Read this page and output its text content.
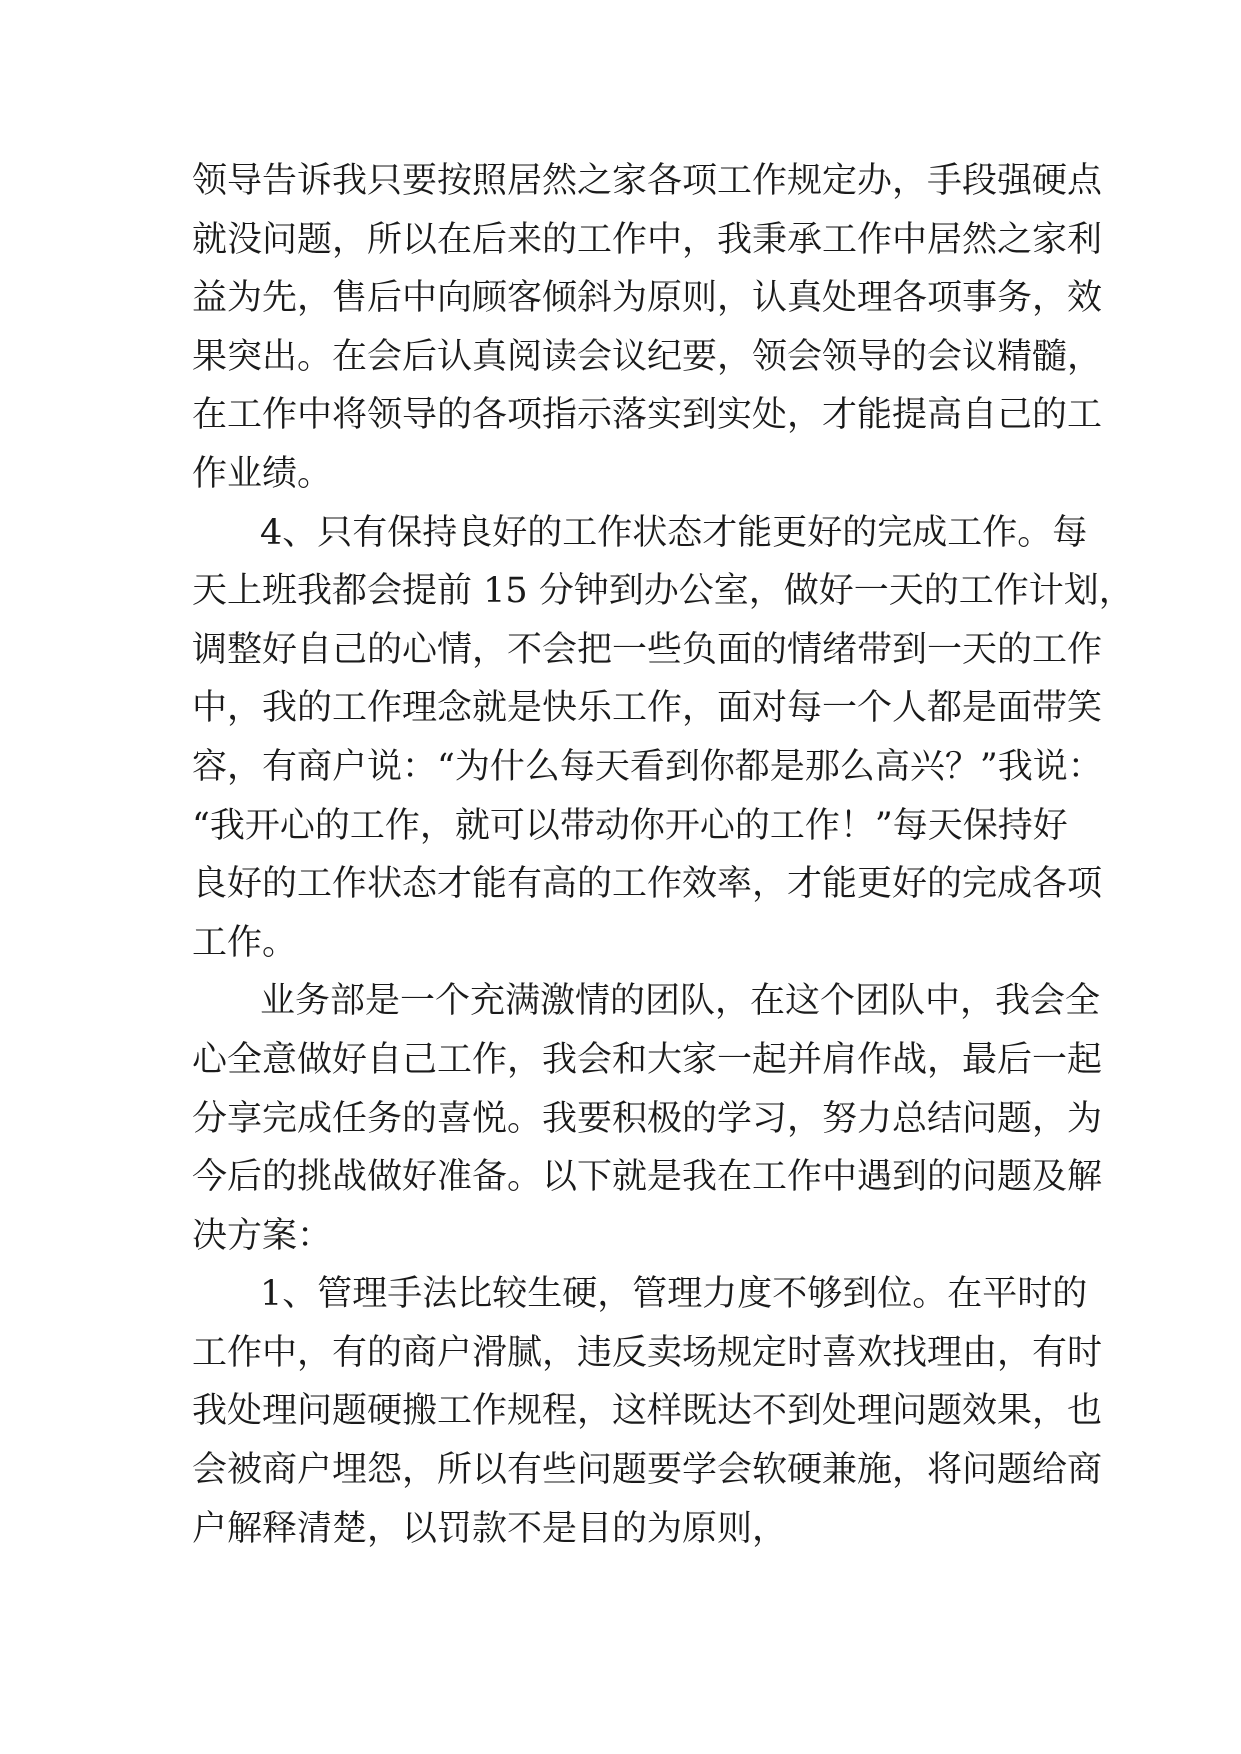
领导告诉我只要按照居然之家各项工作规定办，手段强硬点
就没问题，所以在后来的工作中，我秉承工作中居然之家利
益为先，售后中向顾客倾斜为原则，认真处理各项事务，效
果突出。在会后认真阅读会议纪要，领会领导的会议精髓，
在工作中将领导的各项指示落实到实处，才能提高自己的工
作业绩。
4、只有保持良好的工作状态才能更好的完成工作。每
天上班我都会提前 15 分钟到办公室，做好一天的工作计划，
调整好自己的心情，不会把一些负面的情绪带到一天的工作
中，我的工作理念就是快乐工作，面对每一个人都是面带笑
容，有商户说：“为什么每天看到你都是那么高兴？”我说：
“我开心的工作，就可以带动你开心的工作！”每天保持好
良好的工作状态才能有高的工作效率，才能更好的完成各项
工作。
业务部是一个充满激情的团队，在这个团队中，我会全
心全意做好自己工作，我会和大家一起并肩作战，最后一起
分享完成任务的喜悦。我要积极的学习，努力总结问题，为
今后的挑战做好准备。以下就是我在工作中遇到的问题及解
决方案：
1、管理手法比较生硬，管理力度不够到位。在平时的
工作中，有的商户滑腻，违反卖场规定时喜欢找理由，有时
我处理问题硬搬工作规程，这样既达不到处理问题效果，也
会被商户埋怨，所以有些问题要学会软硬兼施，将问题给商
户解释清楚，以罚款不是目的为原则，
